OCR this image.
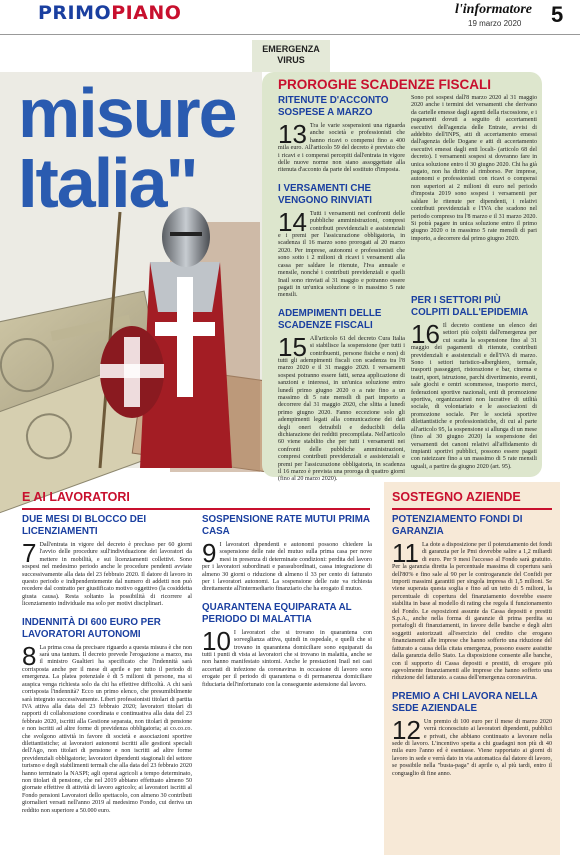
PRIMOPIANO	l'informatore
19 marzo 2020 5
EMERGENZA
VIRUS
misure
Italia"
PROROGHE SCADENZE FISCALI
RITENUTE D'ACCONTO SOSPESE A MARZO
13 Tra le varie sospensioni una riguarda anche società e professionisti che hanno ricavi o compensi fino a 400 mila euro. All'articolo 59 del decreto è previsto che i ricavi e i compensi percepiti dall'entrata in vigore delle nuove norme non siano assoggettate alla ritenuta d'acconto da parte del sostituto d'imposta.
I VERSAMENTI CHE VENGONO RINVIATI
14 Tutti i versamenti nei confronti delle pubbliche amministrazioni, compresi contributi previdenziali e assistenziali e i premi per l'assicurazione obbligatoria, in scadenza il 16 marzo sono prorogati al 20 marzo 2020. Per imprese, autonomi e professionisti che sono sotto i 2 milioni di ricavi i versamenti alla cassa per saldare le ritenute, l'Iva annuale e mensile, nonché i contributi previdenziali e quelli Inail sono rinviati al 31 maggio e potranno essere pagati in un'unica soluzione o in massimo 5 rate mensili.
ADEMPIMENTI DELLE SCADENZE FISCALI
15 All'articolo 61 del decreto Cura Italia si stabilisce la sospensione (per tutti i contribuenti, persone fisiche e non) di tutti gli adempimenti fiscali con scadenza tra l'8 marzo 2020 e il 31 maggio 2020. I versamenti sospesi potranno essere fatti, senza applicazione di sanzioni e interessi, in un'unica soluzione entro lunedì primo giugno 2020 o a rate fino a un massimo di 5 rate mensili di pari importo a decorrere dal 31 maggio 2020, che slitta a lunedì primo giugno 2020. Fanno eccezione solo gli adempimenti legati alla comunicazione dei dati degli oneri detraibili e deducibili della dichiarazione dei redditi precompilata. Nell'articolo 60 viene stabilito che per tutti i versamenti nei confronti delle pubbliche amministrazioni, compresi contributi previdenziali e assistenziali e premi per l'assicurazione obbligatoria, in scadenza il 16 marzo è prevista una proroga di quattro giorni (fino al 20 marzo 2020).
Sono poi sospesi dall'8 marzo 2020 al 31 maggio 2020 anche i termini dei versamenti che derivano da cartelle emesse dagli agenti della riscossione, e i pagamenti dovuti a seguito di accertamenti esecutivi dell'agenzia delle Entrate, avvisi di addebito dell'INPS, atti di accertamento emessi dall'agenzia delle Dogane e atti di accertamento esecutivi emessi dagli enti locali- (articolo 68 del decreto). I versamenti sospesi si dovranno fare in unica soluzione entro il 30 giugno 2020. Chi ha già pagato, non ha diritto al rimborso. Per imprese, autonomi e professionisti con ricavi o compensi non superiori ai 2 milioni di euro nel periodo d'imposta 2019 sono sospesi i versamenti per saldare le ritenute per dipendenti, i relativi contributi previdenziali e l'IVA che scadono nel periodo compreso tra l'8 marzo e il 31 marzo 2020. Si potrà pagare in unica soluzione entro il primo giugno 2020 o in massimo 5 rate mensili di pari importo, a decorrere dal primo giugno 2020.
PER I SETTORI PIÙ COLPITI DALL'EPIDEMIA
16 Il decreto contiene un elenco dei settori più colpiti dall'emergenza per cui scatta la sospensione fino al 31 maggio dei pagamenti di ritenute, contributi previdenziali e assistenziali e dell'IVA di marzo. Sono i settori turistico-alberghiero, termale, trasporti passeggeri, ristorazione e bar, cinema e teatri, sport, istruzione, parchi divertimento, eventi, sale giochi e centri scommesse, trasporto merci, federazioni sportive nazionali, enti di promozione sportiva, organizzazioni non lucrative di utilità sociale, di volontariato e le associazioni di promozione sociale. Per le società sportive dilettantistiche e professionistiche, di cui al parte all'articolo 95, la sospensione si allunga di un mese (fino al 30 giugno 2020) la sospensione dei versamenti dei canoni relativi all'affidamento di impianti sportivi pubblici, possono essere pagati con rateizzare fino a un massimo di 5 rate mensili uguali, a partire da giugno 2020 (art. 95).
E AI LAVORATORI
DUE MESI DI BLOCCO DEI LICENZIAMENTI
7 Dall'entrata in vigore del decreto è precluso per 60 giorni l'avvio delle procedure sull'individuazione dei lavoratori da mettere in mobilità, e sui licenziamenti collettivi. Sono sospesi nel medesimo periodo anche le procedure pendenti avviate successivamente alla data del 23 febbraio 2020. Il datore di lavoro in questo periodo e indipendentemente dal numero di addetti non può recedere dal contratto per giustificato motivo oggettivo (la cosiddetta giusta causa). Resta soltanto la possibilità di ricorrere al licenziamento individuale ma solo per motivi disciplinari.
INDENNITÀ DI 600 EURO PER LAVORATORI AUTONOMI
8 La prima cosa da precisare riguardo a questa misura è che non sarà una tantum. Il decreto prevede l'erogazione a marzo, ma il ministro Gualtieri ha specificato che l'indennità sarà corrisposta anche per il mese di aprile e per tutto il periodo di emergenza. La platea potenziale è di 5 milioni di persone, ma si auspica venga richiesta solo da chi ha effettive difficoltà. A chi sarà corrisposta l'indennità? Ecco un primo elenco, che presumibilmente sarà integrato successivamente. Liberi professionisti titolari di partita IVA attiva alla data del 23 febbraio 2020; lavoratori titolari di rapporti di collaborazione coordinata e continuativa alla data del 23 febbraio 2020, iscritti alla Gestione separata, non titolari di pensione e non iscritti ad altre forme di previdenza obbligatoria; ai co.co.co. che svolgono attività in favore di società e associazioni sportive dilettantistiche; ai lavoratori autonomi iscritti alle gestioni speciali dell'Ago, non titolari di pensione e non iscritti ad altre forme previdenziali obbligatorie; lavoratori dipendenti stagionali del settore turismo e degli stabilimenti termali che alla data del 23 febbraio 2020 hanno terminato la NASPI; agli operai agricoli a tempo determinato, non titolari di pensione, che nel 2019 abbiano effettuato almeno 50 giornate effettive di attività di lavoro agricolo; ai lavoratori iscritti al Fondo pensioni Lavoratori dello spettacolo, con almeno 30 contributi giornalieri versati nell'anno 2019 al medesimo Fondo, cui deriva un reddito non superiore a 50.000 euro.
SOSPENSIONE RATE MUTUI PRIMA CASA
9 I lavoratori dipendenti e autonomi possono chiedere la sospensione delle rate del mutuo sulla prima casa per nove mesi in presenza di determinate condizioni: perdita del lavoro per i lavoratori subordinati e parasubordinati, cassa integrazione di almeno 30 giorni o riduzione di almeno il 33 per cento di fatturato per i lavoratori autonomi. La sospensione delle rate va richiesta direttamente all'intermediario finanziario che ha erogato il mutuo.
QUARANTENA EQUIPARATA AL PERIODO DI MALATTIA
10 I lavoratori che si trovano in quarantena con sorveglianza attiva, quindi in ospedale, e quelli che si trovano in quarantena domiciliare sono equiparati da tutti i punti di vista ai lavoratori che si trovano in malattia, anche se non hanno manifestato sintomi. Anche le prestazioni Inail nei casi accertati di infezione da coronavirus in occasione di lavoro sono erogate per il periodo di quarantena o di permanenza domiciliare fiduciaria dell'infortunato con la conseguente astensione dal lavoro.
SOSTEGNO AZIENDE
POTENZIAMENTO FONDI DI GARANZIA
11 La dote a disposizione per il potenziamento dei fondi di garanzia per le Pmi dovrebbe salire a 1,2 miliardi di euro. Per 9 mesi l'accesso al Fondo sarà gratuito. Per la garanzia diretta la percentuale massima di copertura sarà dell'80% e fino sale al 90 per le controgaranzie del Confidi per importi massimi garantiti per singola impresa di 1,5 milioni. Se viene superata questa soglia e fino ad un tetto di 5 milioni, la percentuale di copertura del finanziamento dovrebbe essere stabilita in base al modello di rating che regola il funzionamento del Fondo. Le esposizioni assunte da Cassa depositi e prestiti S.p.A., anche nella forma di garanzie di prima perdita su portafogli di finanziamenti, in favore delle banche e degli altri soggetti autorizzati all'esercizio del credito che erogano finanziamenti alle imprese che hanno sofferto una riduzione del fatturato a causa della citata emergenza, possono essere assistite dalla garanzia dello Stato. La disposizione consente alle banche, con il supporto di Cassa depositi e prestiti, di erogare più agevolmente finanziamenti alle imprese che hanno sofferto una riduzione del fatturato. a causa dell'emergenza coronavirus.
PREMIO A CHI LAVORA NELLA SEDE AZIENDALE
12 Un premio di 100 euro per il mese di marzo 2020 verrà riconosciuto ai lavoratori dipendenti, pubblici e privati, che abbiano continuato a lavorare nella sede di lavoro. L'incentivo spetta a chi guadagni non più di 40 mila euro l'anno ed è esentasse. Viene rapportato ai giorni di lavoro in sede e verrà dato in via automatica dal datore di lavoro, se possibile nella "busta-paga" di aprile o, al più tardi, entro il conguaglio di fine anno.
